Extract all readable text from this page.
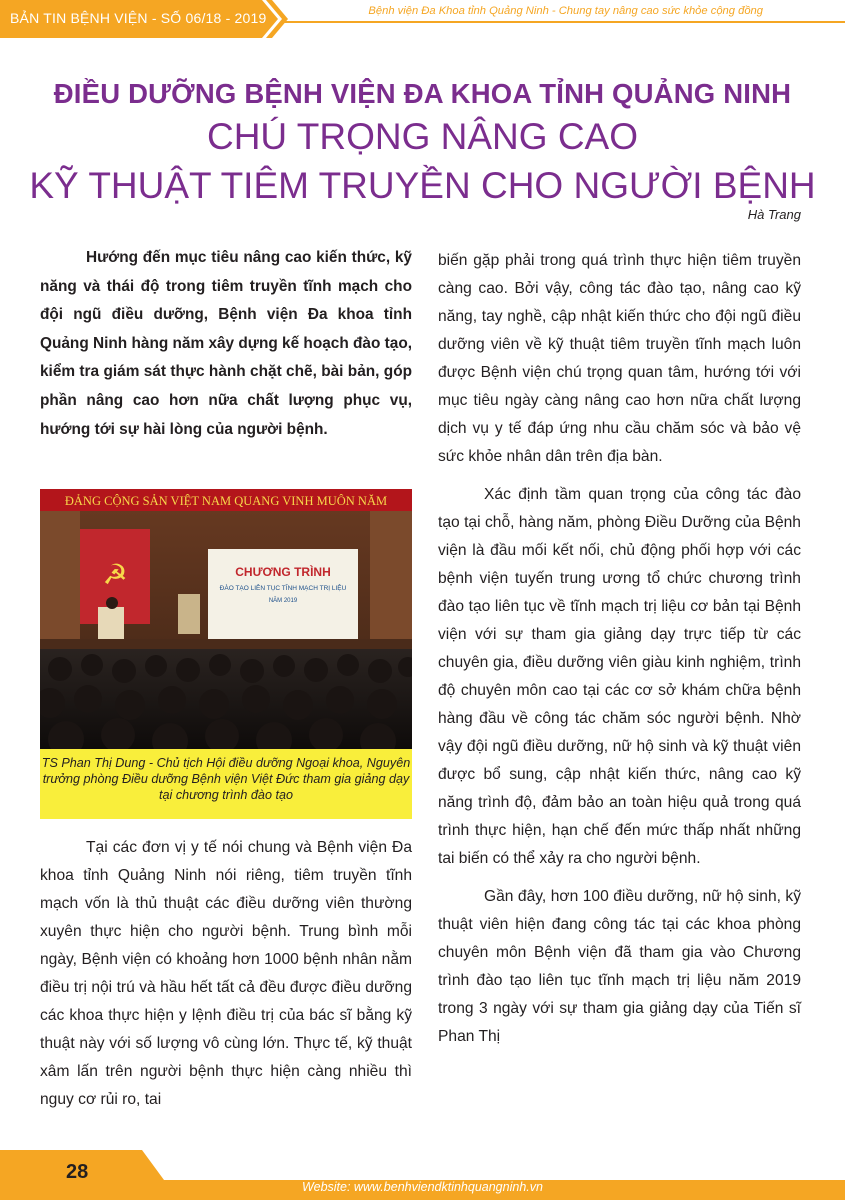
BẢN TIN BỆNH VIỆN - SỐ 06/18 - 2019	Bệnh viện Đa Khoa tỉnh Quảng Ninh - Chung tay nâng cao sức khỏe cộng đồng
ĐIỀU DƯỠNG BỆNH VIỆN ĐA KHOA TỈNH QUẢNG NINH
CHÚ TRỌNG NÂNG CAO
KỸ THUẬT TIÊM TRUYỀN CHO NGƯỜI BỆNH
Hà Trang

Hướng đến mục tiêu nâng cao kiến thức, kỹ năng và thái độ trong tiêm truyền tĩnh mạch cho đội ngũ điều dưỡng, Bệnh viện Đa khoa tỉnh Quảng Ninh hàng năm xây dựng kế hoạch đào tạo, kiểm tra giám sát thực hành chặt chẽ, bài bản, góp phần nâng cao hơn nữa chất lượng phục vụ, hướng tới sự hài lòng của người bệnh.

ĐẢNG CỘNG SẢN VIỆT NAM QUANG VINH MUÔN NĂM
☭	CHƯƠNG TRÌNH
ĐÀO TẠO LIÊN TỤC TĨNH MẠCH TRỊ LIỆU
NĂM 2019
TS Phan Thị Dung - Chủ tịch Hội điều dưỡng Ngoại khoa, Nguyên trưởng phòng Điều dưỡng Bệnh viện Việt Đức tham gia giảng dạy tại chương trình đào tạo

Tại các đơn vị y tế nói chung và Bệnh viện Đa khoa tỉnh Quảng Ninh nói riêng, tiêm truyền tĩnh mạch vốn là thủ thuật các điều dưỡng viên thường xuyên thực hiện cho người bệnh. Trung bình mỗi ngày, Bệnh viện có khoảng hơn 1000 bệnh nhân nằm điều trị nội trú và hầu hết tất cả đều được điều dưỡng các khoa thực hiện y lệnh điều trị của bác sĩ bằng kỹ thuật này với số lượng vô cùng lớn. Thực tế, kỹ thuật xâm lấn trên người bệnh thực hiện càng nhiều thì nguy cơ rủi ro, tai

biến gặp phải trong quá trình thực hiện tiêm truyền càng cao. Bởi vậy, công tác đào tạo, nâng cao kỹ năng, tay nghề, cập nhật kiến thức cho đội ngũ điều dưỡng viên về kỹ thuật tiêm truyền tĩnh mạch luôn được Bệnh viện chú trọng quan tâm, hướng tới với mục tiêu ngày càng nâng cao hơn nữa chất lượng dịch vụ y tế đáp ứng nhu cầu chăm sóc và bảo vệ sức khỏe nhân dân trên địa bàn.

Xác định tầm quan trọng của công tác đào tạo tại chỗ, hàng năm, phòng Điều Dưỡng của Bệnh viện là đầu mối kết nối, chủ động phối hợp với các bệnh viện tuyến trung ương tổ chức chương trình đào tạo liên tục về tĩnh mạch trị liệu cơ bản tại Bệnh viện với sự tham gia giảng dạy trực tiếp từ các chuyên gia, điều dưỡng viên giàu kinh nghiệm, trình độ chuyên môn cao tại các cơ sở khám chữa bệnh hàng đầu về công tác chăm sóc người bệnh. Nhờ vậy đội ngũ điều dưỡng, nữ hộ sinh và kỹ thuật viên được bổ sung, cập nhật kiến thức, nâng cao kỹ năng trình độ, đảm bảo an toàn hiệu quả trong quá trình thực hiện, hạn chế đến mức thấp nhất những tai biến có thể xảy ra cho người bệnh.

Gần đây, hơn 100 điều dưỡng, nữ hộ sinh, kỹ thuật viên hiện đang công tác tại các khoa phòng chuyên môn Bệnh viện đã tham gia vào Chương trình đào tạo liên tục tĩnh mạch trị liệu năm 2019 trong 3 ngày với sự tham gia giảng dạy của Tiến sĩ Phan Thị

28
Website: www.benhviendktinhquangninh.vn
